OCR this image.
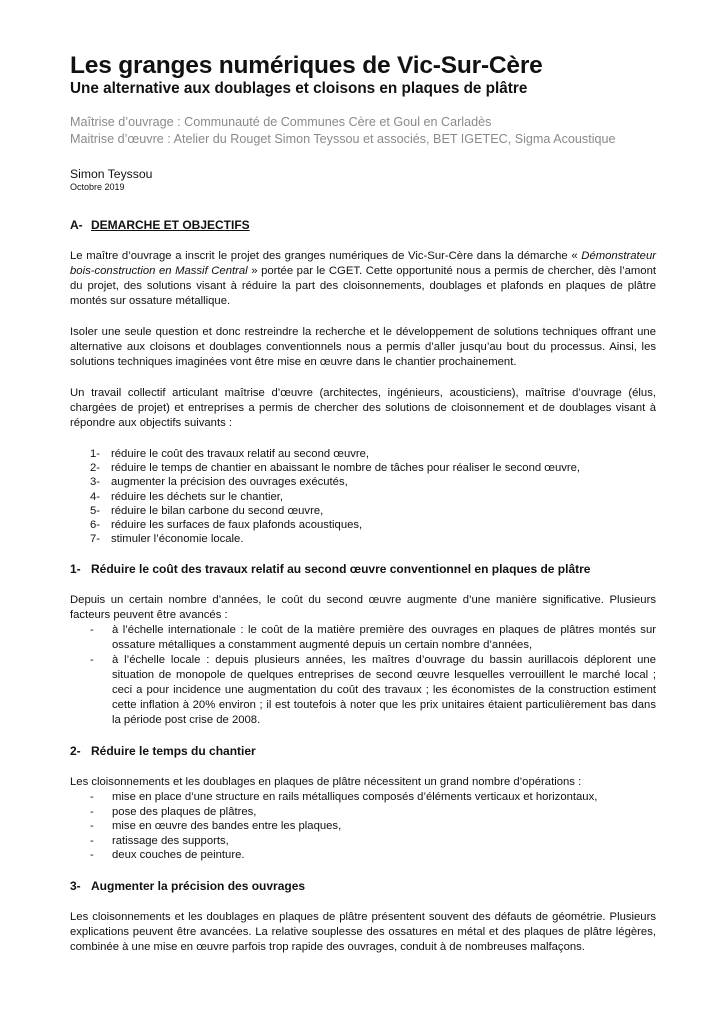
Les granges numériques de Vic-Sur-Cère
Une alternative aux doublages et cloisons en plaques de plâtre
Maîtrise d’ouvrage : Communauté de Communes Cère et Goul en Carladès
Maitrise d’œuvre : Atelier du Rouget Simon Teyssou et associés, BET IGETEC, Sigma Acoustique
Simon Teyssou
Octobre 2019
A- DEMARCHE ET OBJECTIFS

Le maître d’ouvrage a inscrit le projet des granges numériques de Vic-Sur-Cère dans la démarche « Démonstrateur bois-construction en Massif Central » portée par le CGET. Cette opportunité nous a permis de chercher, dès l’amont du projet, des solutions visant à réduire la part des cloisonnements, doublages et plafonds en plaques de plâtre montés sur ossature métallique.

Isoler une seule question et donc restreindre la recherche et le développement de solutions techniques offrant une alternative aux cloisons et doublages conventionnels nous a permis d’aller jusqu’au bout du processus. Ainsi, les solutions techniques imaginées vont être mise en œuvre dans le chantier prochainement.

Un travail collectif articulant maîtrise d’œuvre (architectes, ingénieurs, acousticiens), maîtrise d’ouvrage (élus, chargées de projet) et entreprises a permis de chercher des solutions de cloisonnement et de doublages visant à répondre aux objectifs suivants :

1- réduire le coût des travaux relatif au second œuvre,
2- réduire le temps de chantier en abaissant le nombre de tâches pour réaliser le second œuvre,
3- augmenter la précision des ouvrages exécutés,
4- réduire les déchets sur le chantier,
5- réduire le bilan carbone du second œuvre,
6- réduire les surfaces de faux plafonds acoustiques,
7- stimuler l’économie locale.
1- Réduire le coût des travaux relatif au second œuvre conventionnel en plaques de plâtre

Depuis un certain nombre d’années, le coût du second œuvre augmente d’une manière significative. Plusieurs facteurs peuvent être avancés :

-	à l’échelle internationale : le coût de la matière première des ouvrages en plaques de plâtres montés sur ossature métalliques a constamment augmenté depuis un certain nombre d’années,
-	à l’échelle locale : depuis plusieurs années, les maîtres d’ouvrage du bassin aurillacois déplorent une situation de monopole de quelques entreprises de second œuvre lesquelles verrouillent le marché local ; ceci a pour incidence une augmentation du coût des travaux ; les économistes de la construction estiment cette inflation à 20% environ ; il est toutefois à noter que les prix unitaires étaient particulièrement bas dans la période post crise de 2008.
2- Réduire le temps du chantier

Les cloisonnements et les doublages en plaques de plâtre nécessitent un grand nombre d’opérations :

-	mise en place d’une structure en rails métalliques composés d’éléments verticaux et horizontaux,
-	pose des plaques de plâtres,
-	mise en œuvre des bandes entre les plaques,
-	ratissage des supports,
-	deux couches de peinture.
3- Augmenter la précision des ouvrages

Les cloisonnements et les doublages en plaques de plâtre présentent souvent des défauts de géométrie. Plusieurs explications peuvent être avancées. La relative souplesse des ossatures en métal et des plaques de plâtre légères, combinée à une mise en œuvre parfois trop rapide des ouvrages, conduit à de nombreuses malfaçons.
